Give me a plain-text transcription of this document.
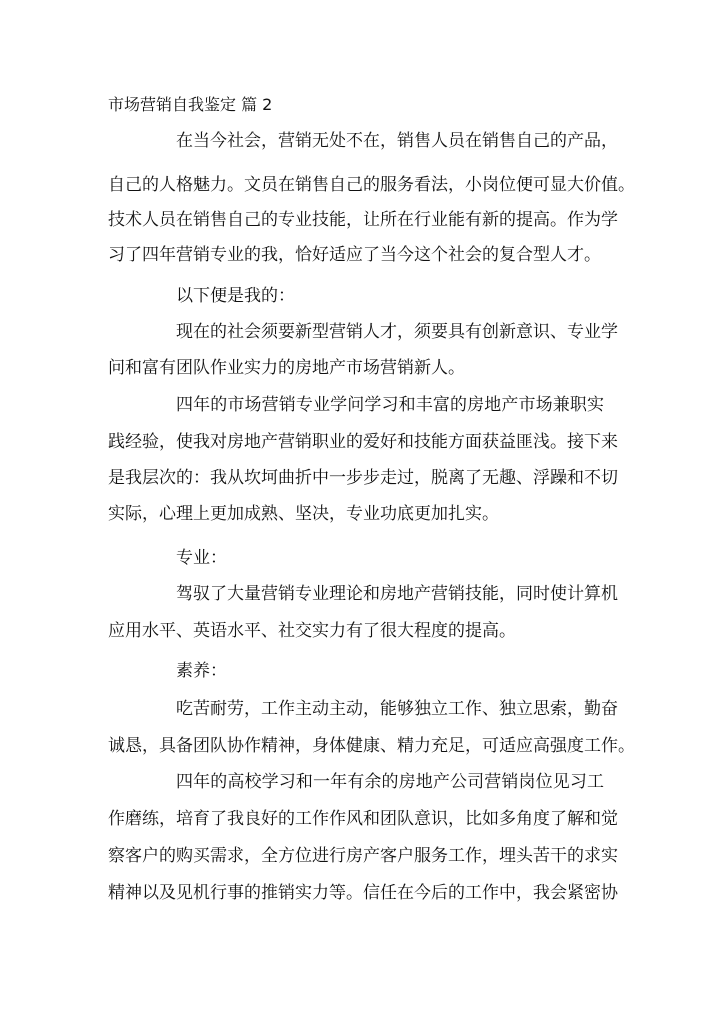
市场营销自我鉴定 篇 2
在当今社会，营销无处不在，销售人员在销售自己的产品，
自己的人格魅力。文员在销售自己的服务看法，小岗位便可显大价值。
技术人员在销售自己的专业技能，让所在行业能有新的提高。作为学
习了四年营销专业的我，恰好适应了当今这个社会的复合型人才。
以下便是我的：
现在的社会须要新型营销人才，须要具有创新意识、专业学
问和富有团队作业实力的房地产市场营销新人。
四年的市场营销专业学问学习和丰富的房地产市场兼职实
践经验，使我对房地产营销职业的爱好和技能方面获益匪浅。接下来
是我层次的：我从坎坷曲折中一步步走过，脱离了无趣、浮躁和不切
实际，心理上更加成熟、坚决，专业功底更加扎实。
专业：
驾驭了大量营销专业理论和房地产营销技能，同时使计算机
应用水平、英语水平、社交实力有了很大程度的提高。
素养：
吃苦耐劳，工作主动主动，能够独立工作、独立思索，勤奋
诚恳，具备团队协作精神，身体健康、精力充足，可适应高强度工作。
四年的高校学习和一年有余的房地产公司营销岗位见习工
作磨练，培育了我良好的工作作风和团队意识，比如多角度了解和觉
察客户的购买需求，全方位进行房产客户服务工作，埋头苦干的求实
精神以及见机行事的推销实力等。信任在今后的工作中，我会紧密协
